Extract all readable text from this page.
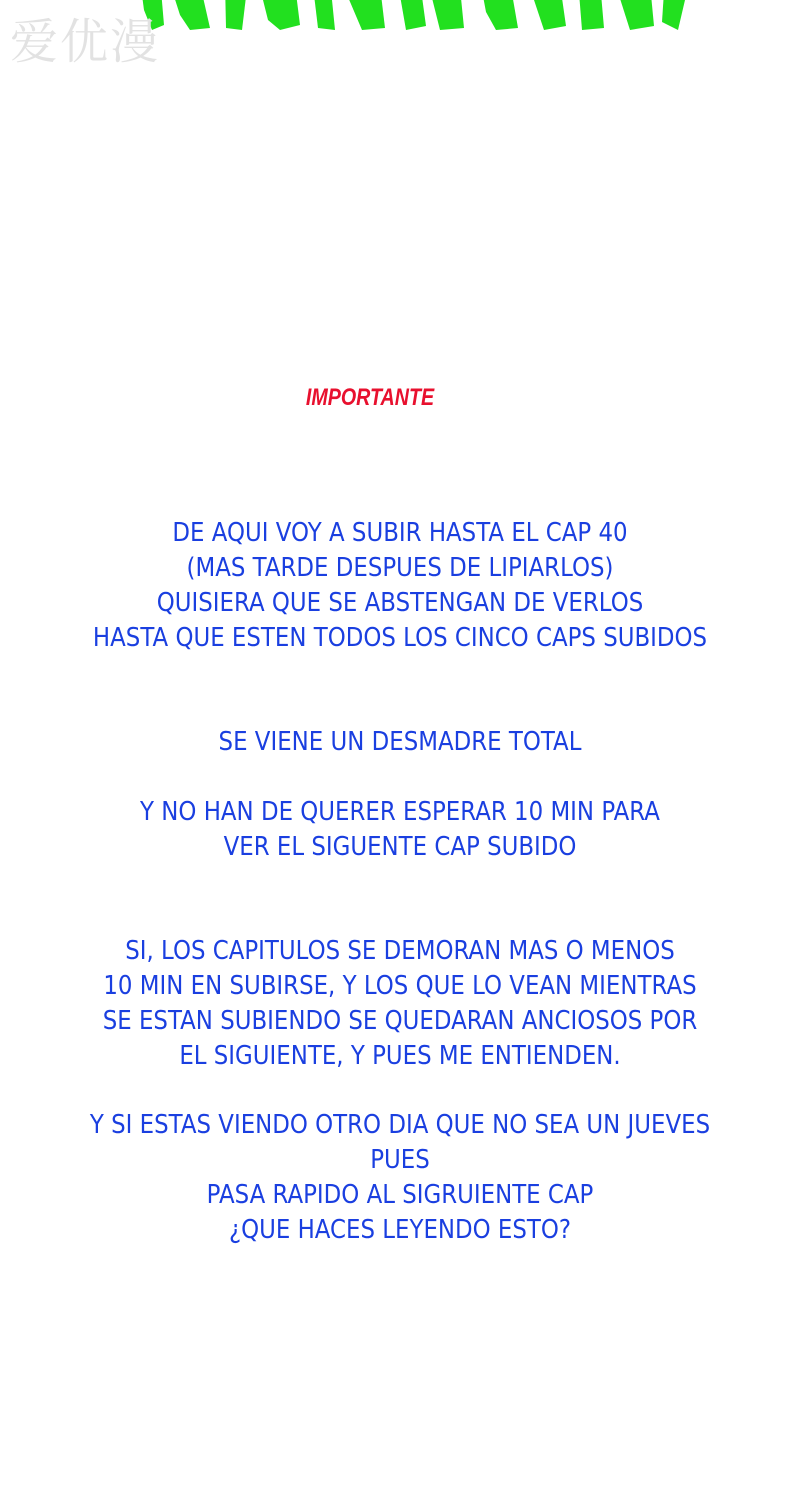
爱优漫
IMPORTANTE
DE AQUI VOY A SUBIR HASTA EL CAP 40
(MAS TARDE DESPUES DE LIPIARLOS)
QUISIERA QUE SE ABSTENGAN DE VERLOS
HASTA QUE ESTEN TODOS LOS CINCO CAPS SUBIDOS
SE VIENE UN DESMADRE TOTAL
Y NO HAN DE QUERER ESPERAR 10 MIN PARA
VER EL SIGUENTE CAP SUBIDO
SI, LOS CAPITULOS SE DEMORAN MAS O MENOS
10 MIN EN SUBIRSE, Y LOS QUE LO VEAN MIENTRAS
SE ESTAN SUBIENDO SE QUEDARAN ANCIOSOS POR
EL SIGUIENTE, Y PUES ME ENTIENDEN.
Y SI ESTAS VIENDO OTRO DIA QUE NO SEA UN JUEVES
PUES
PASA RAPIDO AL SIGRUIENTE CAP
¿QUE HACES LEYENDO ESTO?
